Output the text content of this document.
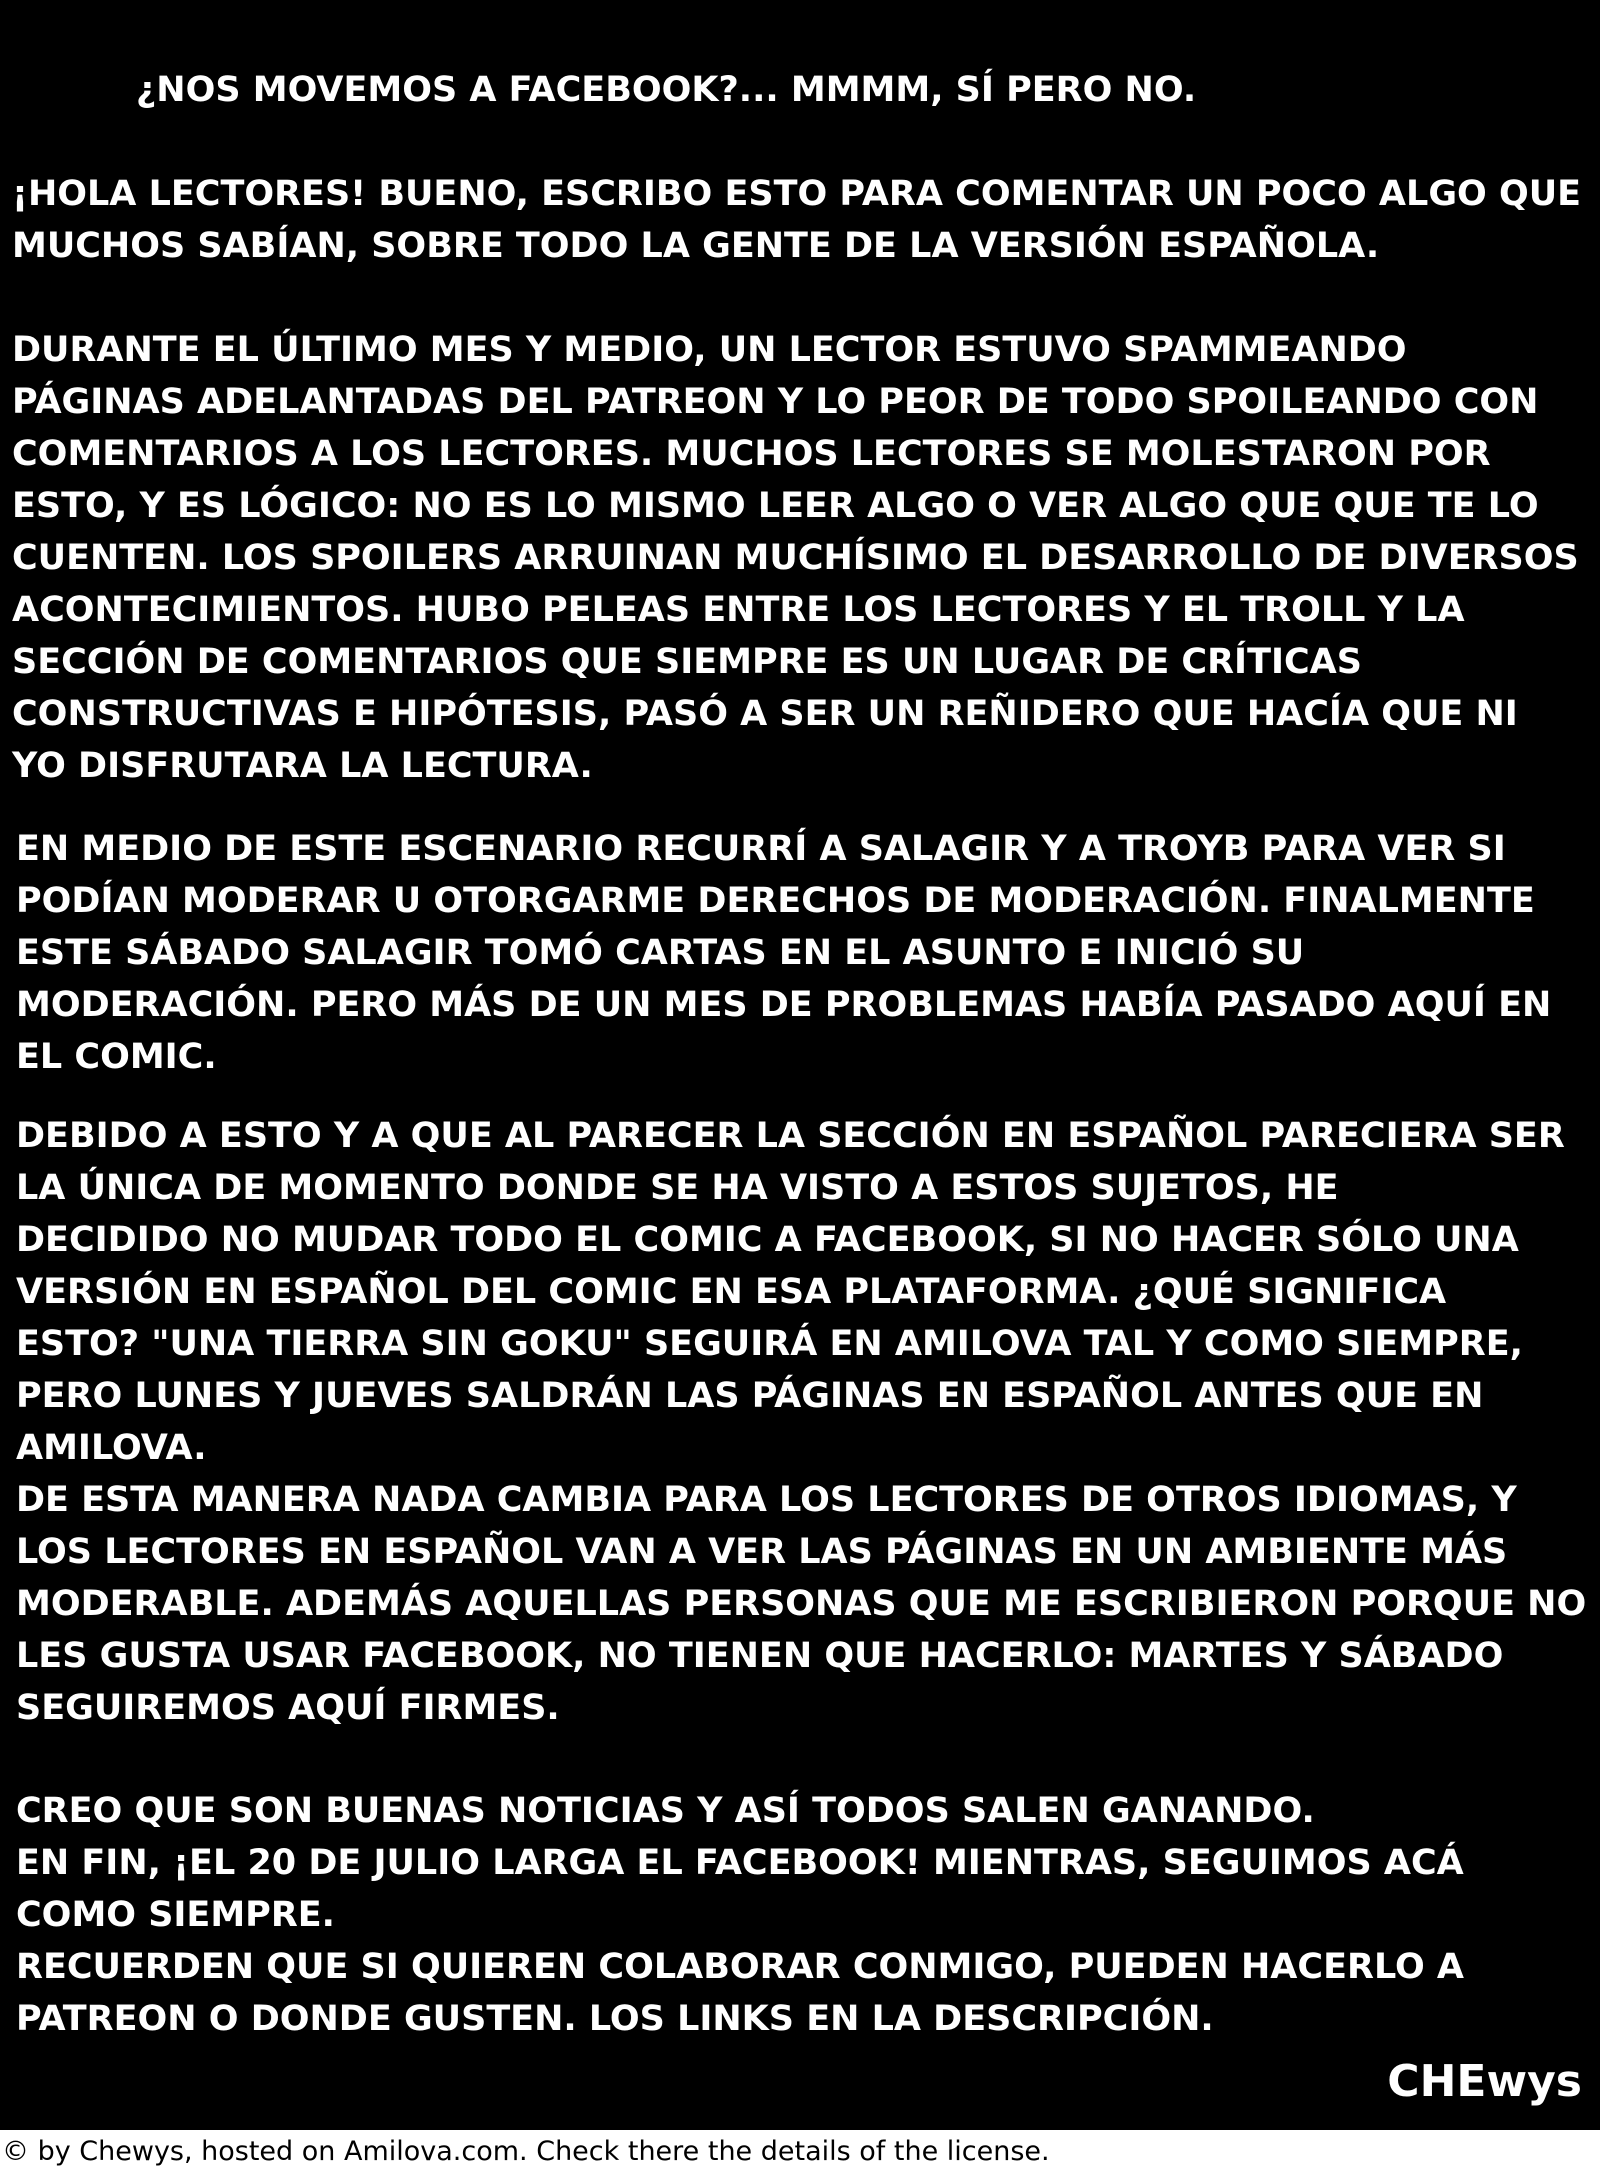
¿NOS MOVEMOS A FACEBOOK?... MMMM, SÍ PERO NO.

¡HOLA LECTORES! BUENO, ESCRIBO ESTO PARA COMENTAR UN POCO ALGO QUE

MUCHOS SABÍAN, SOBRE TODO LA GENTE DE LA VERSIÓN ESPAÑOLA.

DURANTE EL ÚLTIMO MES Y MEDIO, UN LECTOR ESTUVO SPAMMEANDO

PÁGINAS ADELANTADAS DEL PATREON Y LO PEOR DE TODO SPOILEANDO CON

COMENTARIOS A LOS LECTORES. MUCHOS LECTORES SE MOLESTARON POR

ESTO, Y ES LÓGICO: NO ES LO MISMO LEER ALGO O VER ALGO QUE QUE TE LO

CUENTEN. LOS SPOILERS ARRUINAN MUCHÍSIMO EL DESARROLLO DE DIVERSOS

ACONTECIMIENTOS. HUBO PELEAS ENTRE LOS LECTORES Y EL TROLL Y LA

SECCIÓN DE COMENTARIOS QUE SIEMPRE ES UN LUGAR DE CRÍTICAS

CONSTRUCTIVAS E HIPÓTESIS, PASÓ A SER UN REÑIDERO QUE HACÍA QUE NI

YO DISFRUTARA LA LECTURA.

EN MEDIO DE ESTE ESCENARIO RECURRÍ A SALAGIR Y A TROYB PARA VER SI

PODÍAN MODERAR U OTORGARME DERECHOS DE MODERACIÓN. FINALMENTE

ESTE SÁBADO SALAGIR TOMÓ CARTAS EN EL ASUNTO E INICIÓ SU

MODERACIÓN. PERO MÁS DE UN MES DE PROBLEMAS HABÍA PASADO AQUÍ EN

EL COMIC.

DEBIDO A ESTO Y A QUE AL PARECER LA SECCIÓN EN ESPAÑOL PARECIERA SER

LA ÚNICA DE MOMENTO DONDE SE HA VISTO A ESTOS SUJETOS, HE

DECIDIDO NO MUDAR TODO EL COMIC A FACEBOOK, SI NO HACER SÓLO UNA

VERSIÓN EN ESPAÑOL DEL COMIC EN ESA PLATAFORMA. ¿QUÉ SIGNIFICA

ESTO? "UNA TIERRA SIN GOKU" SEGUIRÁ EN AMILOVA TAL Y COMO SIEMPRE,

PERO LUNES Y JUEVES SALDRÁN LAS PÁGINAS EN ESPAÑOL ANTES QUE EN

AMILOVA.

DE ESTA MANERA NADA CAMBIA PARA LOS LECTORES DE OTROS IDIOMAS, Y

LOS LECTORES EN ESPAÑOL VAN A VER LAS PÁGINAS EN UN AMBIENTE MÁS

MODERABLE. ADEMÁS AQUELLAS PERSONAS QUE ME ESCRIBIERON PORQUE NO

LES GUSTA USAR FACEBOOK, NO TIENEN QUE HACERLO: MARTES Y SÁBADO

SEGUIREMOS AQUÍ FIRMES.

CREO QUE SON BUENAS NOTICIAS Y ASÍ TODOS SALEN GANANDO.

EN FIN, ¡EL 20 DE JULIO LARGA EL FACEBOOK! MIENTRAS, SEGUIMOS ACÁ

COMO SIEMPRE.

RECUERDEN QUE SI QUIEREN COLABORAR CONMIGO, PUEDEN HACERLO A

PATREON O DONDE GUSTEN. LOS LINKS EN LA DESCRIPCIÓN.

CHEwys
© by Chewys, hosted on Amilova.com. Check there the details of the license.
